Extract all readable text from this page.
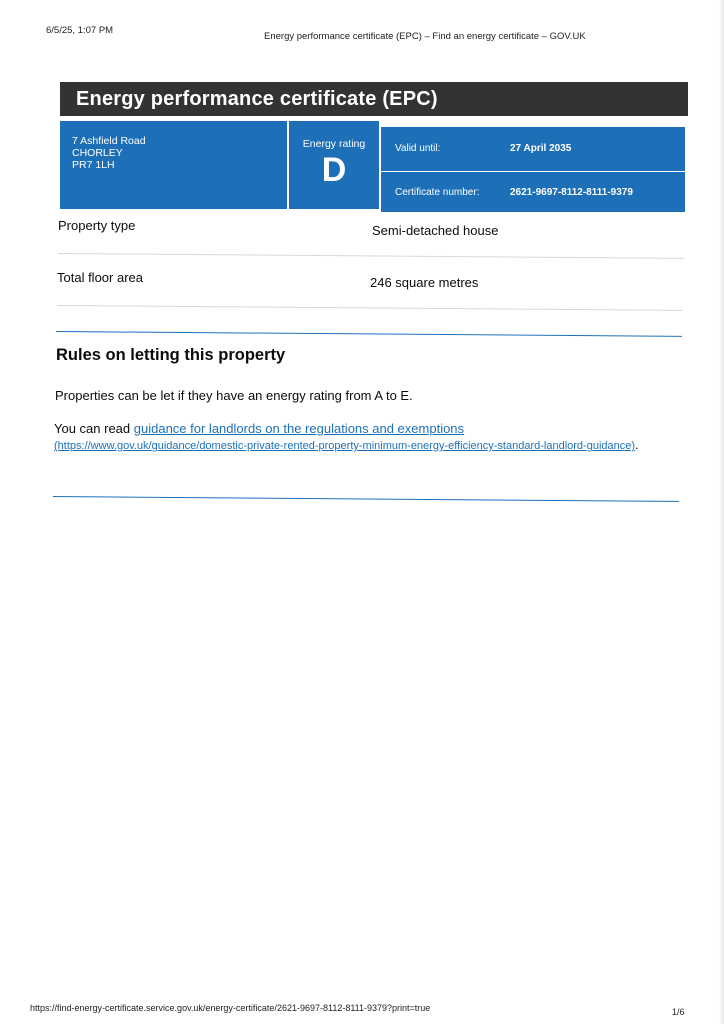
6/5/25, 1:07 PM
Energy performance certificate (EPC) – Find an energy certificate – GOV.UK
Energy performance certificate (EPC)
7 Ashfield Road
CHORLEY
PR7 1LH
Energy rating
D
Valid until:	27 April 2035
Certificate number:	2621-9697-8112-8111-9379
Property type	Semi-detached house
Total floor area	246 square metres
Rules on letting this property
Properties can be let if they have an energy rating from A to E.
You can read guidance for landlords on the regulations and exemptions
(https://www.gov.uk/guidance/domestic-private-rented-property-minimum-energy-efficiency-standard-landlord-guidance).
https://find-energy-certificate.service.gov.uk/energy-certificate/2621-9697-8112-8111-9379?print=true	1/6
